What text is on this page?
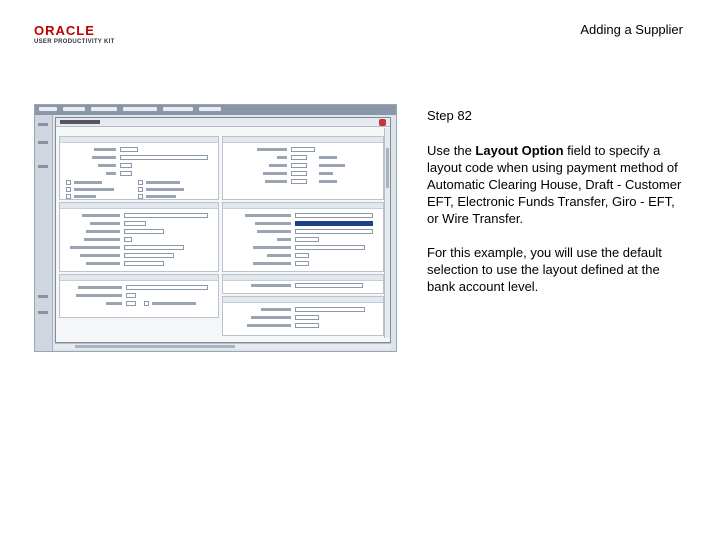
ORACLE
USER PRODUCTIVITY KIT
Adding a Supplier
Step 82

Use the Layout Option field to specify a layout code when using payment method of Automatic Clearing House, Draft - Customer EFT, Electronic Funds Transfer, Giro - EFT, or Wire Transfer.

For this example, you will use the default selection to use the layout defined at the bank account level.
